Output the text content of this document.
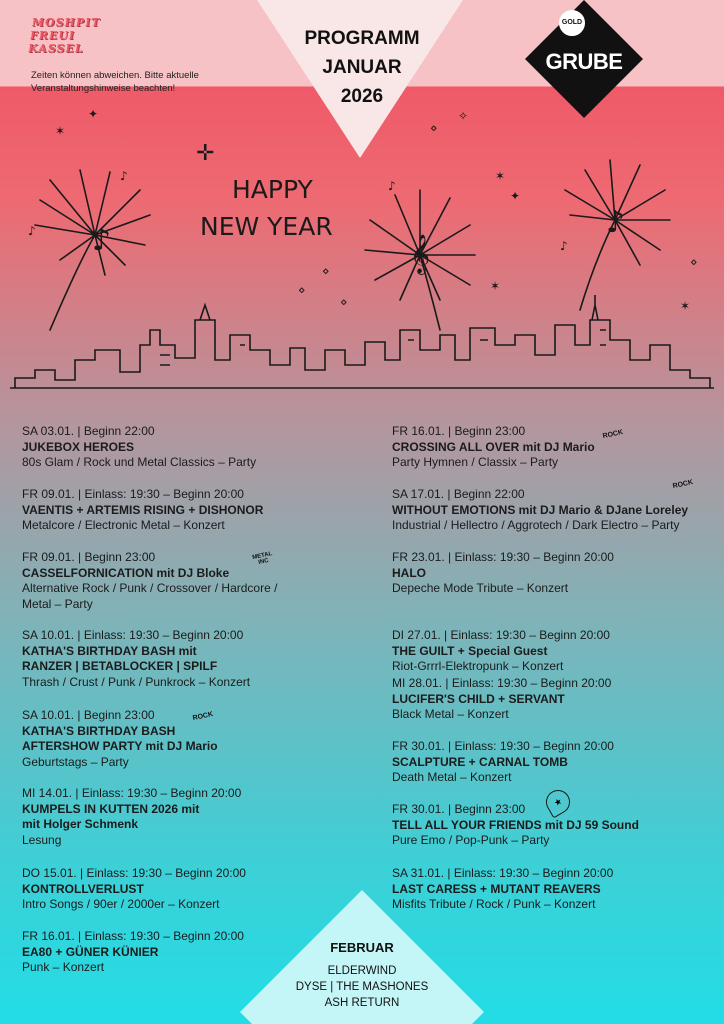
PROGRAMM
JANUAR
2026
MOSHPIT
FREUI
KASSEL
Zeiten können abweichen. Bitte aktuelle Veranstaltungshinweise beachten!
GOLD
GRUBE
♪	𝄞
♪
♪
♪
♪
♪
✶
✦
✛
⋄
✧
✶
⋄
⋄
⋄
✶
✶
⋄
✦
HAPPY
NEW YEAR
SA 03.01. | Beginn 22:00
JUKEBOX HEROES
80s Glam / Rock und Metal Classics – Party
FR 09.01. | Einlass: 19:30 – Beginn 20:00
VAENTIS + ARTEMIS RISING + DISHONOR
Metalcore / Electronic Metal – Konzert
FR 09.01. | Beginn 23:00
CASSELFORNICATION mit DJ Bloke
Alternative Rock / Punk / Crossover / Hardcore /
Metal – Party
SA 10.01. | Einlass: 19:30 – Beginn 20:00
KATHA'S BIRTHDAY BASH mit
RANZER | BETABLOCKER | SPILF
Thrash / Crust / Punk / Punkrock – Konzert
SA 10.01. | Beginn 23:00
KATHA'S BIRTHDAY BASH
AFTERSHOW PARTY mit DJ Mario
Geburtstags – Party
MI 14.01. | Einlass: 19:30 – Beginn 20:00
KUMPELS IN KUTTEN 2026 mit
mit Holger Schmenk
Lesung
DO 15.01. | Einlass: 19:30 – Beginn 20:00
KONTROLLVERLUST
Intro Songs / 90er / 2000er – Konzert
FR 16.01. | Einlass: 19:30 – Beginn 20:00
EA80 + GÜNER KÜNIER
Punk – Konzert
FR 16.01. | Beginn 23:00
CROSSING ALL OVER mit DJ Mario
Party Hymnen / Classix – Party
SA 17.01. | Beginn 22:00
WITHOUT EMOTIONS mit DJ Mario & DJane Loreley
Industrial / Hellectro / Aggrotech / Dark Electro – Party
FR 23.01. | Einlass: 19:30 – Beginn 20:00
HALO
Depeche Mode Tribute – Konzert
DI 27.01. | Einlass: 19:30 – Beginn 20:00
THE GUILT + Special Guest
Riot-Grrrl-Elektropunk – Konzert
MI 28.01. | Einlass: 19:30 – Beginn 20:00
LUCIFER'S CHILD + SERVANT
Black Metal – Konzert
FR 30.01. | Einlass: 19:30 – Beginn 20:00
SCALPTURE + CARNAL TOMB
Death Metal – Konzert
FR 30.01. | Beginn 23:00
TELL ALL YOUR FRIENDS mit DJ 59 Sound
Pure Emo / Pop-Punk – Party
SA 31.01. | Einlass: 19:30 – Beginn 20:00
LAST CARESS + MUTANT REAVERS
Misfits Tribute / Rock / Punk – Konzert
METAL INC
ROCK
ROCK
ROCK
★
FEBRUAR
ELDERWIND
DYSE | THE MASHONES
ASH RETURN
